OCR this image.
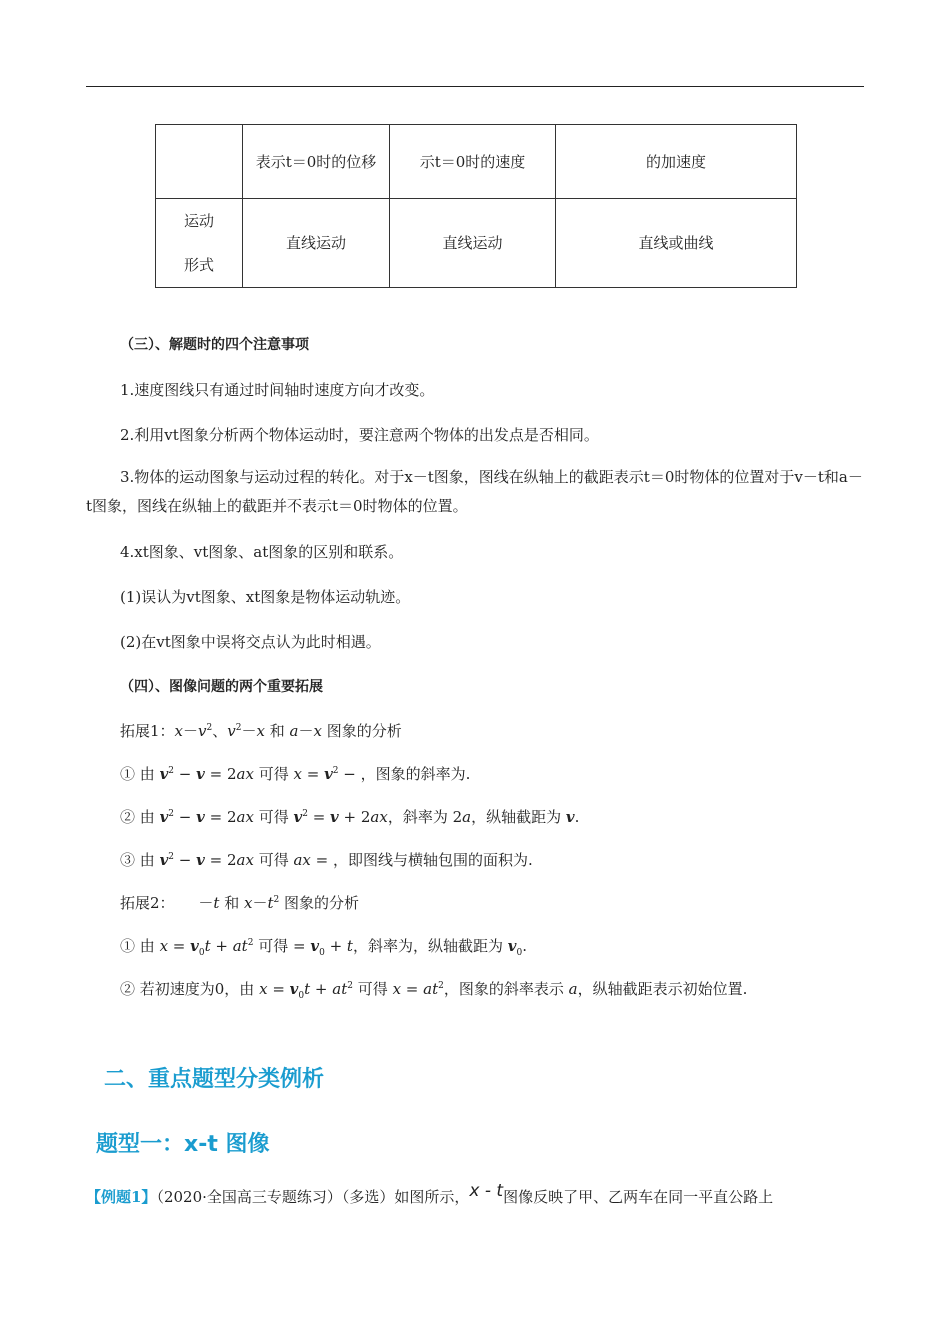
	表示t＝0时的位移	示t＝0时的速度	的加速度
运动
形式	直线运动	直线运动	直线或曲线
（三）、解题时的四个注意事项
1.速度图线只有通过时间轴时速度方向才改变。
2.利用vt图象分析两个物体运动时，要注意两个物体的出发点是否相同。
3.物体的运动图象与运动过程的转化。对于x－t图象，图线在纵轴上的截距表示t＝0时物体的位置对于v－t和a－t图象，图线在纵轴上的截距并不表示t＝0时物体的位置。
4.xt图象、vt图象、at图象的区别和联系。
(1)误认为vt图象、xt图象是物体运动轨迹。
(2)在vt图象中误将交点认为此时相遇。
（四）、图像问题的两个重要拓展
拓展1：$x-v^2$、$v^2-x$ 和 a－x 图象的分析
① 由 $v^2 - v = 2ax$ 可得 $x = v^2$ − ，图象的斜率为.
② 由 $v^2 - v = 2ax$ 可得 $v^2 = v + 2ax$，斜率为 2a，纵轴截距为 v.
③ 由 $v^2 - v = 2ax$ 可得 ax = ，即图线与横轴包围的面积为.
拓展2：     －t 和 $x-t^2$ 图象的分析
① 由 $x = v_0t + at^2$ 可得 = $v_0 + t$，斜率为，纵轴截距为 $v_0$.
② 若初速度为0，由 $x = v_0t + at^2$ 可得 $x = at^2$，图象的斜率表示 a，纵轴截距表示初始位置.
二、重点题型分类例析
题型一：x-t 图像
【例题1】（2020·全国高三专题练习）（多选）如图所示，x - t图像反映了甲、乙两车在同一平直公路上
